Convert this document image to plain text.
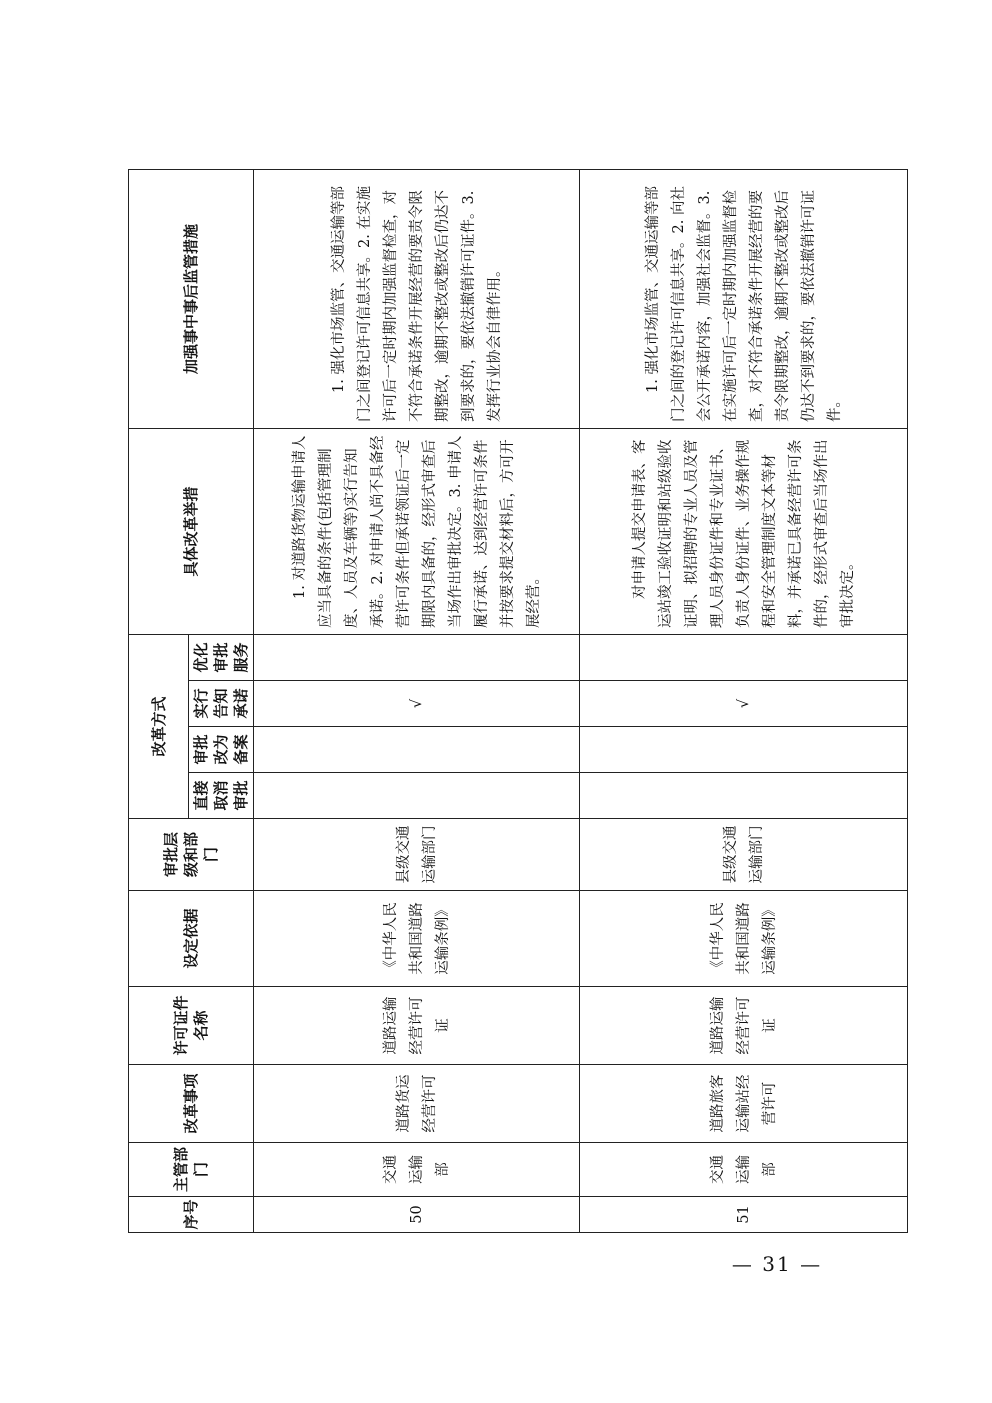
序号	主管部门	改革事项	许可证件名称	设定依据	审批层级和部门	改革方式				具体改革举措	加强事中事后监管措施
						直接取消审批	审批改为备案	实行告知承诺	优化审批服务		
50	交通运输部	道路货运经营许可	道路运输经营许可证	《中华人民共和国道路运输条例》	县级交通运输部门			√		1. 对道路货物运输申请人应当具备的条件(包括管理制度、人员及车辆等)实行告知承诺。2. 对申请人尚不具备经营许可条件但承诺领证后一定期限内具备的，经形式审查后当场作出审批决定。3. 申请人履行承诺、达到经营许可条件并按要求提交材料后，方可开展经营。	1. 强化市场监管、交通运输等部门之间登记许可信息共享。2. 在实施许可后一定时期内加强监督检查，对不符合承诺条件开展经营的要责令限期整改，逾期不整改或整改后仍达不到要求的，要依法撤销许可证件。3. 发挥行业协会自律作用。

51	交通运输部	道路旅客运输站经营许可	道路运输经营许可证	《中华人民共和国道路运输条例》	县级交通运输部门			√		对申请人提交申请表、客运站竣工验收证明和站级验收证明、拟招聘的专业人员及管理人员身份证件和专业证书、负责人身份证件、业务操作规程和安全管理制度文本等材料，并承诺已具备经营许可条件的，经形式审查后当场作出审批决定。	1. 强化市场监管、交通运输等部门之间的登记许可信息共享。2. 向社会公开承诺内容，加强社会监督。3. 在实施许可后一定时期内加强监督检查，对不符合承诺条件开展经营的要责令限期整改，逾期不整改或整改后仍达不到要求的，要依法撤销许可证件。
— 31 —
